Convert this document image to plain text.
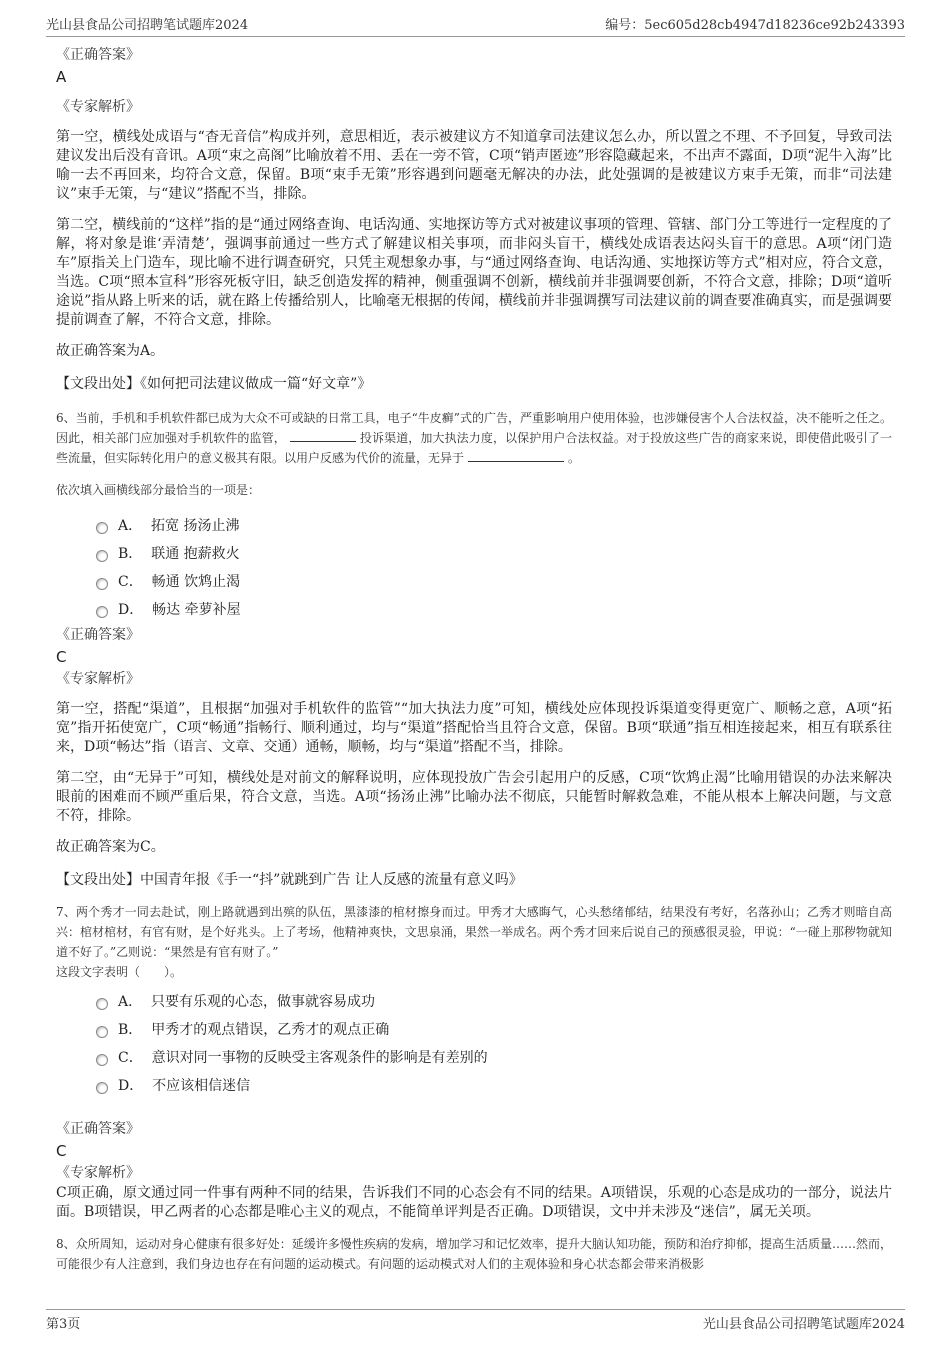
光山县食品公司招聘笔试题库2024	编号：5ec605d28cb4947d18236ce92b243393

《正确答案》

A

《专家解析》

第一空，横线处成语与“杳无音信”构成并列，意思相近，表示被建议方不知道拿司法建议怎么办，所以置之不理、不予回复，导致司法建议发出后没有音讯。A项“束之高阁”比喻放着不用、丢在一旁不管，C项“销声匿迹”形容隐藏起来，不出声不露面，D项“泥牛入海”比喻一去不再回来，均符合文意，保留。B项“束手无策”形容遇到问题毫无解决的办法，此处强调的是被建议方束手无策，而非“司法建议”束手无策，与“建议”搭配不当，排除。

第二空，横线前的“这样”指的是“通过网络查询、电话沟通、实地探访等方式对被建议事项的管理、管辖、部门分工等进行一定程度的了解，将对象是谁‘弄清楚’，强调事前通过一些方式了解建议相关事项，而非闷头盲干，横线处成语表达闷头盲干的意思。A项“闭门造车”原指关上门造车，现比喻不进行调查研究，只凭主观想象办事，与“通过网络查询、电话沟通、实地探访等方式”相对应，符合文意，当选。C项“照本宣科”形容死板守旧，缺乏创造发挥的精神，侧重强调不创新，横线前并非强调要创新，不符合文意，排除；D项“道听途说”指从路上听来的话，就在路上传播给别人，比喻毫无根据的传闻，横线前并非强调撰写司法建议前的调查要准确真实，而是强调要提前调查了解，不符合文意，排除。

故正确答案为A。

【文段出处】《如何把司法建议做成一篇“好文章”》

6、当前，手机和手机软件都已成为大众不可或缺的日常工具，电子“牛皮癣”式的广告，严重影响用户使用体验，也涉嫌侵害个人合法权益，决不能听之任之。因此，相关部门应加强对手机软件的监管，	投诉渠道，加大执法力度，以保护用户合法权益。对于投放这些广告的商家来说，即使借此吸引了一些流量，但实际转化用户的意义极其有限。以用户反感为代价的流量，无异于	。

依次填入画横线部分最恰当的一项是：

A．
拓宽 扬汤止沸
B．
联通 抱薪救火
C．
畅通 饮鸩止渴
D．
畅达 牵萝补屋

《正确答案》

C

《专家解析》

第一空，搭配“渠道”，且根据“加强对手机软件的监管”“加大执法力度”可知，横线处应体现投诉渠道变得更宽广、顺畅之意，A项“拓宽”指开拓使宽广，C项“畅通”指畅行、顺利通过，均与“渠道”搭配恰当且符合文意，保留。B项“联通”指互相连接起来，相互有联系往来，D项“畅达”指（语言、文章、交通）通畅，顺畅，均与“渠道”搭配不当，排除。

第二空，由“无异于”可知，横线处是对前文的解释说明，应体现投放广告会引起用户的反感，C项“饮鸩止渴”比喻用错误的办法来解决眼前的困难而不顾严重后果，符合文意，当选。A项“扬汤止沸”比喻办法不彻底，只能暂时解救急难，不能从根本上解决问题，与文意不符，排除。

故正确答案为C。

【文段出处】中国青年报《手一“抖”就跳到广告 让人反感的流量有意义吗》

7、两个秀才一同去赴试，刚上路就遇到出殡的队伍，黑漆漆的棺材擦身而过。甲秀才大感晦气，心头愁绪郁结，结果没有考好，名落孙山；乙秀才则暗自高兴：棺材棺材，有官有财，是个好兆头。上了考场，他精神爽快，文思泉涌，果然一举成名。两个秀才回来后说自己的预感很灵验，甲说：“一碰上那秽物就知道不好了。”乙则说：“果然是有官有财了。”

这段文字表明（　　）。

A．
只要有乐观的心态，做事就容易成功
B．
甲秀才的观点错误，乙秀才的观点正确
C．
意识对同一事物的反映受主客观条件的影响是有差别的
D．
不应该相信迷信

《正确答案》

C

《专家解析》

C项正确，原文通过同一件事有两种不同的结果，告诉我们不同的心态会有不同的结果。A项错误，乐观的心态是成功的一部分，说法片面。B项错误，甲乙两者的心态都是唯心主义的观点，不能简单评判是否正确。D项错误，文中并未涉及“迷信”，属无关项。

8、众所周知，运动对身心健康有很多好处：延缓许多慢性疾病的发病，增加学习和记忆效率，提升大脑认知功能，预防和治疗抑郁，提高生活质量……然而，可能很少有人注意到，我们身边也存在有问题的运动模式。有问题的运动模式对人们的主观体验和身心状态都会带来消极影

第3页	光山县食品公司招聘笔试题库2024
